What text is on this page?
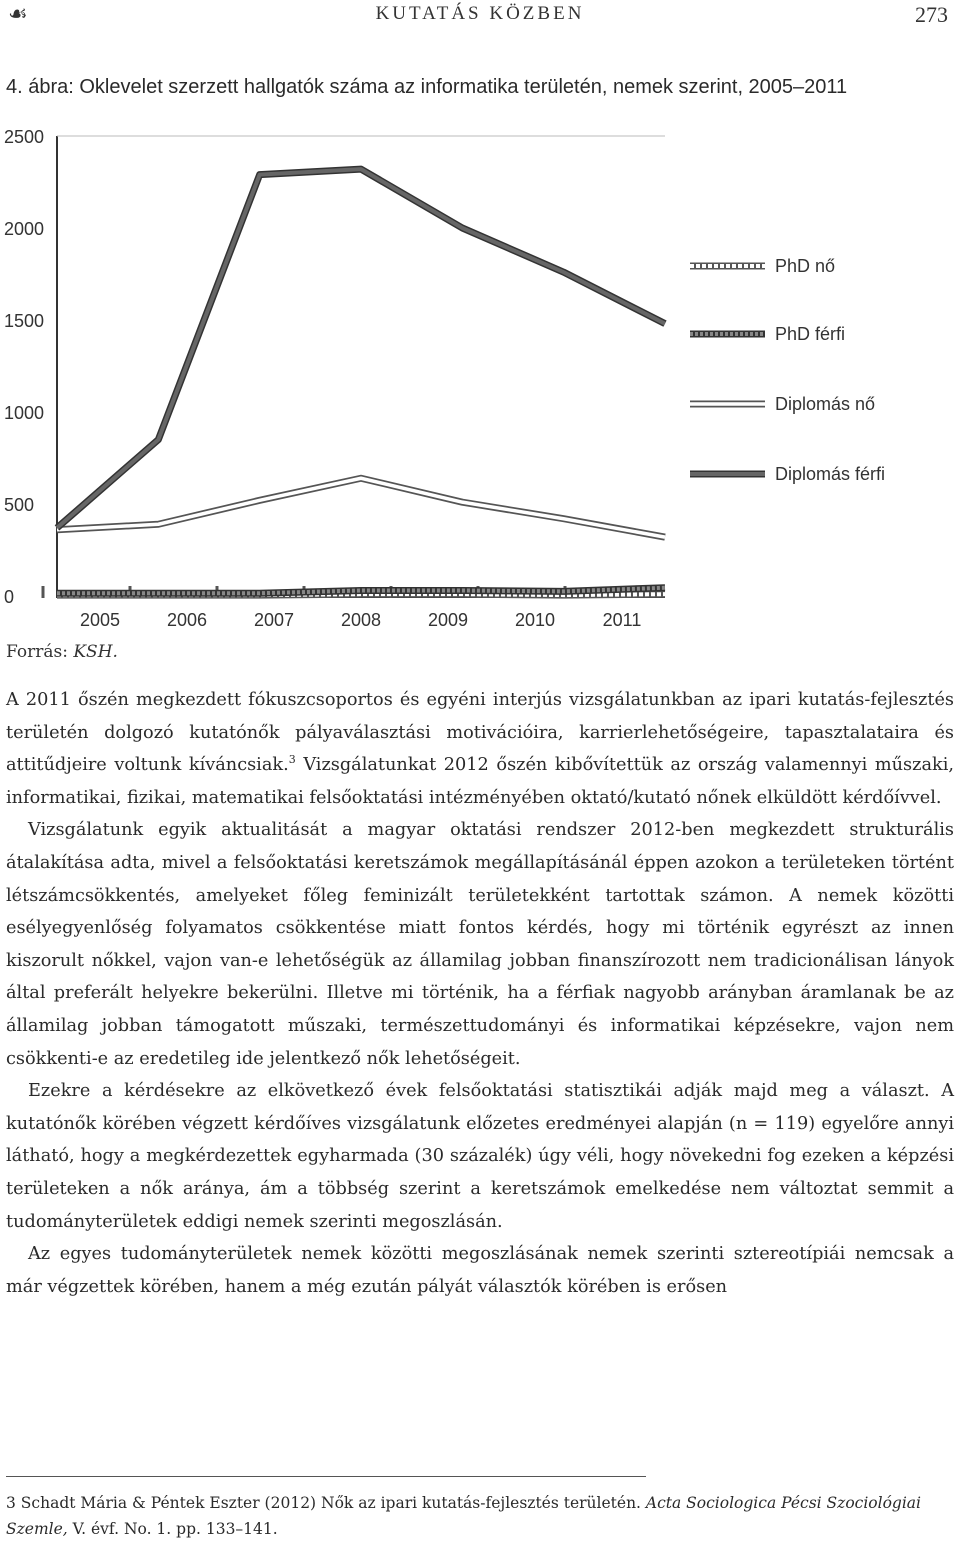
☙	KUTATÁS KÖZBEN	273
4. ábra: Oklevelet szerzett hallgatók száma az informatika területén, nemek szerint, 2005–2011
0
500
1000
1500
2000
2500
2005	2006	2007	2008	2009	2010	2011
PhD nő
PhD férfi
Diplomás nő
Diplomás férfi
Forrás: KSH.

A 2011 őszén megkezdett fókuszcsoportos és egyéni interjús vizsgálatunkban az ipari kutatás-fejlesztés területén dolgozó kutatónők pályaválasztási motivációira, karrierlehetőségeire, tapasztalataira és attitűdjeire voltunk kíváncsiak.$^3$ Vizsgálatunkat 2012 őszén kibővítettük az ország valamennyi műszaki, informatikai, fizikai, matematikai felsőoktatási intézményében oktató/kutató nőnek elküldött kérdőívvel.

Vizsgálatunk egyik aktualitását a magyar oktatási rendszer 2012-ben megkezdett strukturális átalakítása adta, mivel a felsőoktatási keretszámok megállapításánál éppen azokon a területeken történt létszámcsökkentés, amelyeket főleg feminizált területekként tartottak számon. A nemek közötti esélyegyenlőség folyamatos csökkentése miatt fontos kérdés, hogy mi történik egyrészt az innen kiszorult nőkkel, vajon van-e lehetőségük az államilag jobban finanszírozott nem tradicionálisan lányok által preferált helyekre bekerülni. Illetve mi történik, ha a férfiak nagyobb arányban áramlanak be az államilag jobban támogatott műszaki, természettudományi és informatikai képzésekre, vajon nem csökkenti-e az eredetileg ide jelentkező nők lehetőségeit.

Ezekre a kérdésekre az elkövetkező évek felsőoktatási statisztikái adják majd meg a választ. A kutatónők körében végzett kérdőíves vizsgálatunk előzetes eredményei alapján (n = 119) egyelőre annyi látható, hogy a megkérdezettek egyharmada (30 százalék) úgy véli, hogy növekedni fog ezeken a képzési területeken a nők aránya, ám a többség szerint a keretszámok emelkedése nem változtat semmit a tudományterületek eddigi nemek szerinti megoszlásán.

Az egyes tudományterületek nemek közötti megoszlásának nemek szerinti sztereotípiái nemcsak a már végzettek körében, hanem a még ezután pályát választók körében is erősen

3 Schadt Mária & Péntek Eszter (2012) Nők az ipari kutatás-fejlesztés területén. Acta Sociologica Pécsi Szociológiai Szemle, V. évf. No. 1. pp. 133–141.
